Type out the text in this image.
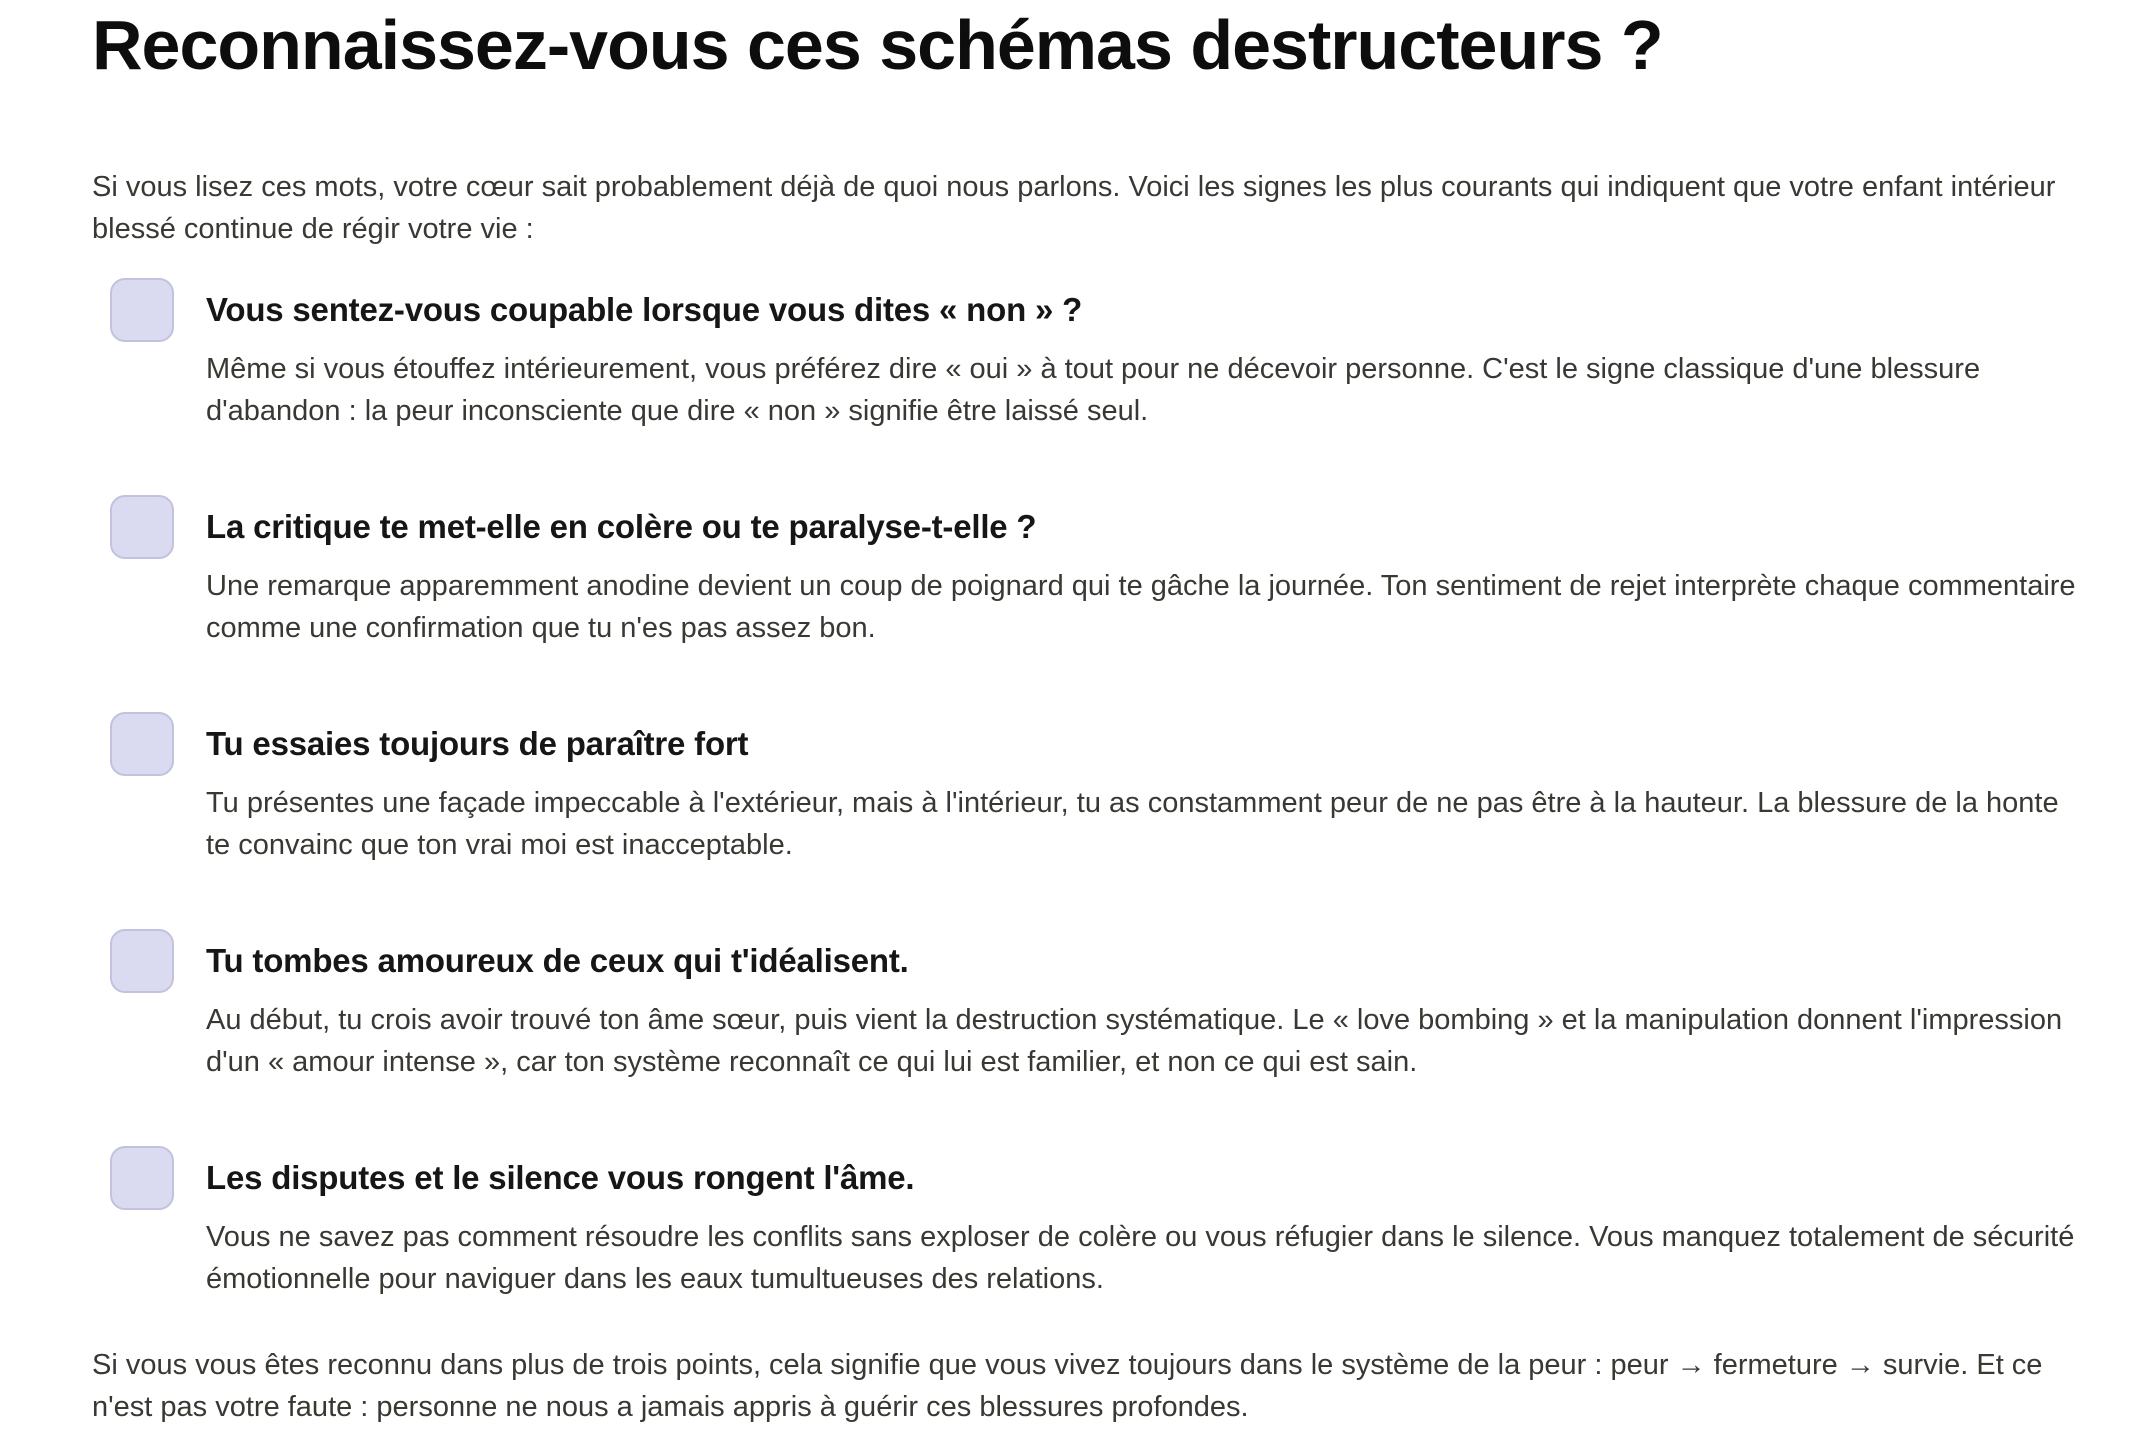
Reconnaissez-vous ces schémas destructeurs ?

Si vous lisez ces mots, votre cœur sait probablement déjà de quoi nous parlons. Voici les signes les plus courants qui indiquent que votre enfant intérieur blessé continue de régir votre vie :

Vous sentez-vous coupable lorsque vous dites « non » ?

Même si vous étouffez intérieurement, vous préférez dire « oui » à tout pour ne décevoir personne. C'est le signe classique d'une blessure d'abandon : la peur inconsciente que dire « non » signifie être laissé seul.

La critique te met-elle en colère ou te paralyse-t-elle ?

Une remarque apparemment anodine devient un coup de poignard qui te gâche la journée. Ton sentiment de rejet interprète chaque commentaire comme une confirmation que tu n'es pas assez bon.

Tu essaies toujours de paraître fort

Tu présentes une façade impeccable à l'extérieur, mais à l'intérieur, tu as constamment peur de ne pas être à la hauteur. La blessure de la honte te convainc que ton vrai moi est inacceptable.

Tu tombes amoureux de ceux qui t'idéalisent.

Au début, tu crois avoir trouvé ton âme sœur, puis vient la destruction systématique. Le « love bombing » et la manipulation donnent l'impression d'un « amour intense », car ton système reconnaît ce qui lui est familier, et non ce qui est sain.

Les disputes et le silence vous rongent l'âme.

Vous ne savez pas comment résoudre les conflits sans exploser de colère ou vous réfugier dans le silence. Vous manquez totalement de sécurité émotionnelle pour naviguer dans les eaux tumultueuses des relations.

Si vous vous êtes reconnu dans plus de trois points, cela signifie que vous vivez toujours dans le système de la peur : peur → fermeture → survie. Et ce n'est pas votre faute : personne ne nous a jamais appris à guérir ces blessures profondes.
